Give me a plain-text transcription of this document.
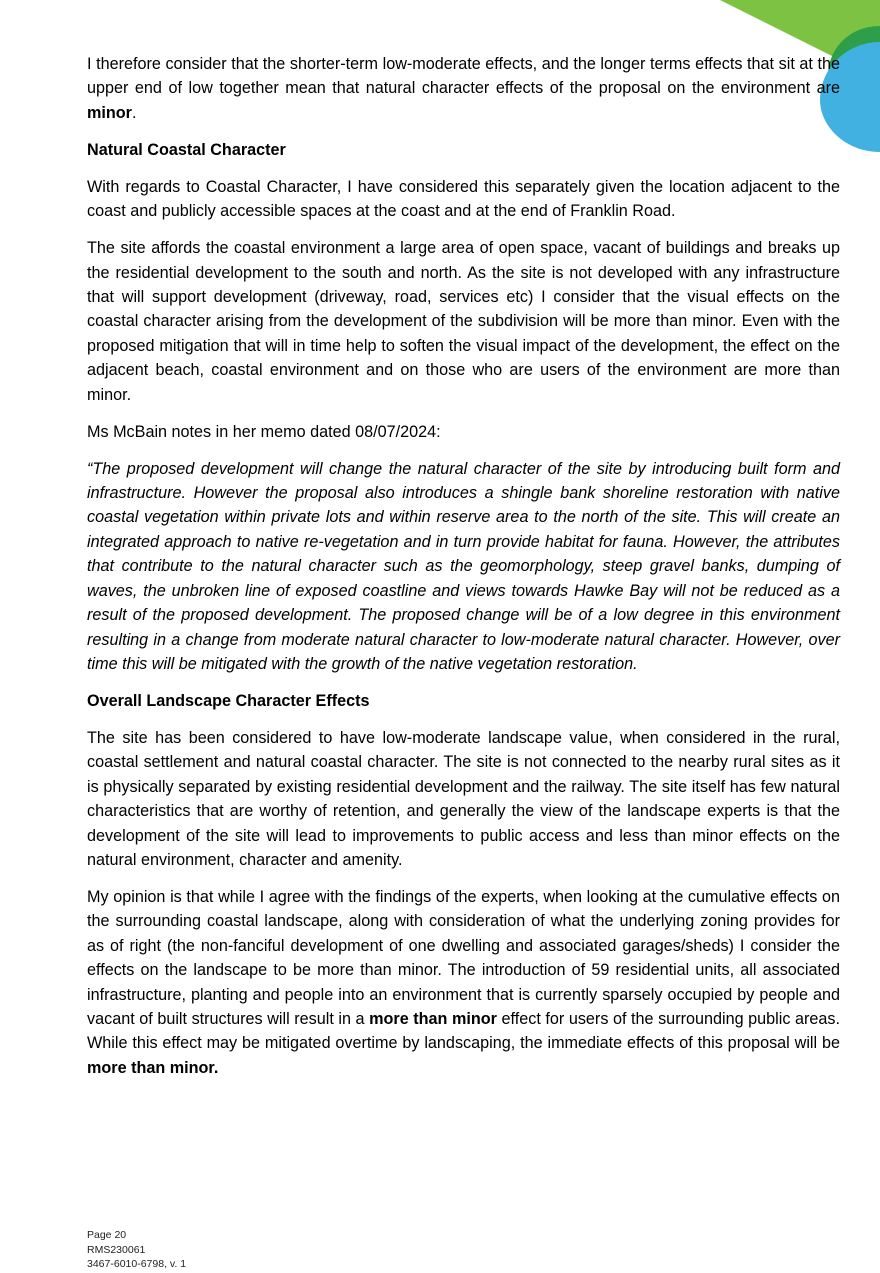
I therefore consider that the shorter-term low-moderate effects, and the longer terms effects that sit at the upper end of low together mean that natural character effects of the proposal on the environment are minor.

Natural Coastal Character

With regards to Coastal Character, I have considered this separately given the location adjacent to the coast and publicly accessible spaces at the coast and at the end of Franklin Road.

The site affords the coastal environment a large area of open space, vacant of buildings and breaks up the residential development to the south and north. As the site is not developed with any infrastructure that will support development (driveway, road, services etc) I consider that the visual effects on the coastal character arising from the development of the subdivision will be more than minor. Even with the proposed mitigation that will in time help to soften the visual impact of the development, the effect on the adjacent beach, coastal environment and on those who are users of the environment are more than minor.

Ms McBain notes in her memo dated 08/07/2024:

“The proposed development will change the natural character of the site by introducing built form and infrastructure. However the proposal also introduces a shingle bank shoreline restoration with native coastal vegetation within private lots and within reserve area to the north of the site. This will create an integrated approach to native re-vegetation and in turn provide habitat for fauna. However, the attributes that contribute to the natural character such as the geomorphology, steep gravel banks, dumping of waves, the unbroken line of exposed coastline and views towards Hawke Bay will not be reduced as a result of the proposed development. The proposed change will be of a low degree in this environment resulting in a change from moderate natural character to low-moderate natural character. However, over time this will be mitigated with the growth of the native vegetation restoration.

Overall Landscape Character Effects

The site has been considered to have low-moderate landscape value, when considered in the rural, coastal settlement and natural coastal character. The site is not connected to the nearby rural sites as it is physically separated by existing residential development and the railway. The site itself has few natural characteristics that are worthy of retention, and generally the view of the landscape experts is that the development of the site will lead to improvements to public access and less than minor effects on the natural environment, character and amenity.

My opinion is that while I agree with the findings of the experts, when looking at the cumulative effects on the surrounding coastal landscape, along with consideration of what the underlying zoning provides for as of right (the non-fanciful development of one dwelling and associated garages/sheds) I consider the effects on the landscape to be more than minor. The introduction of 59 residential units, all associated infrastructure, planting and people into an environment that is currently sparsely occupied by people and vacant of built structures will result in a more than minor effect for users of the surrounding public areas. While this effect may be mitigated overtime by landscaping, the immediate effects of this proposal will be more than minor.

Page 20
RMS230061
3467-6010-6798, v. 1
